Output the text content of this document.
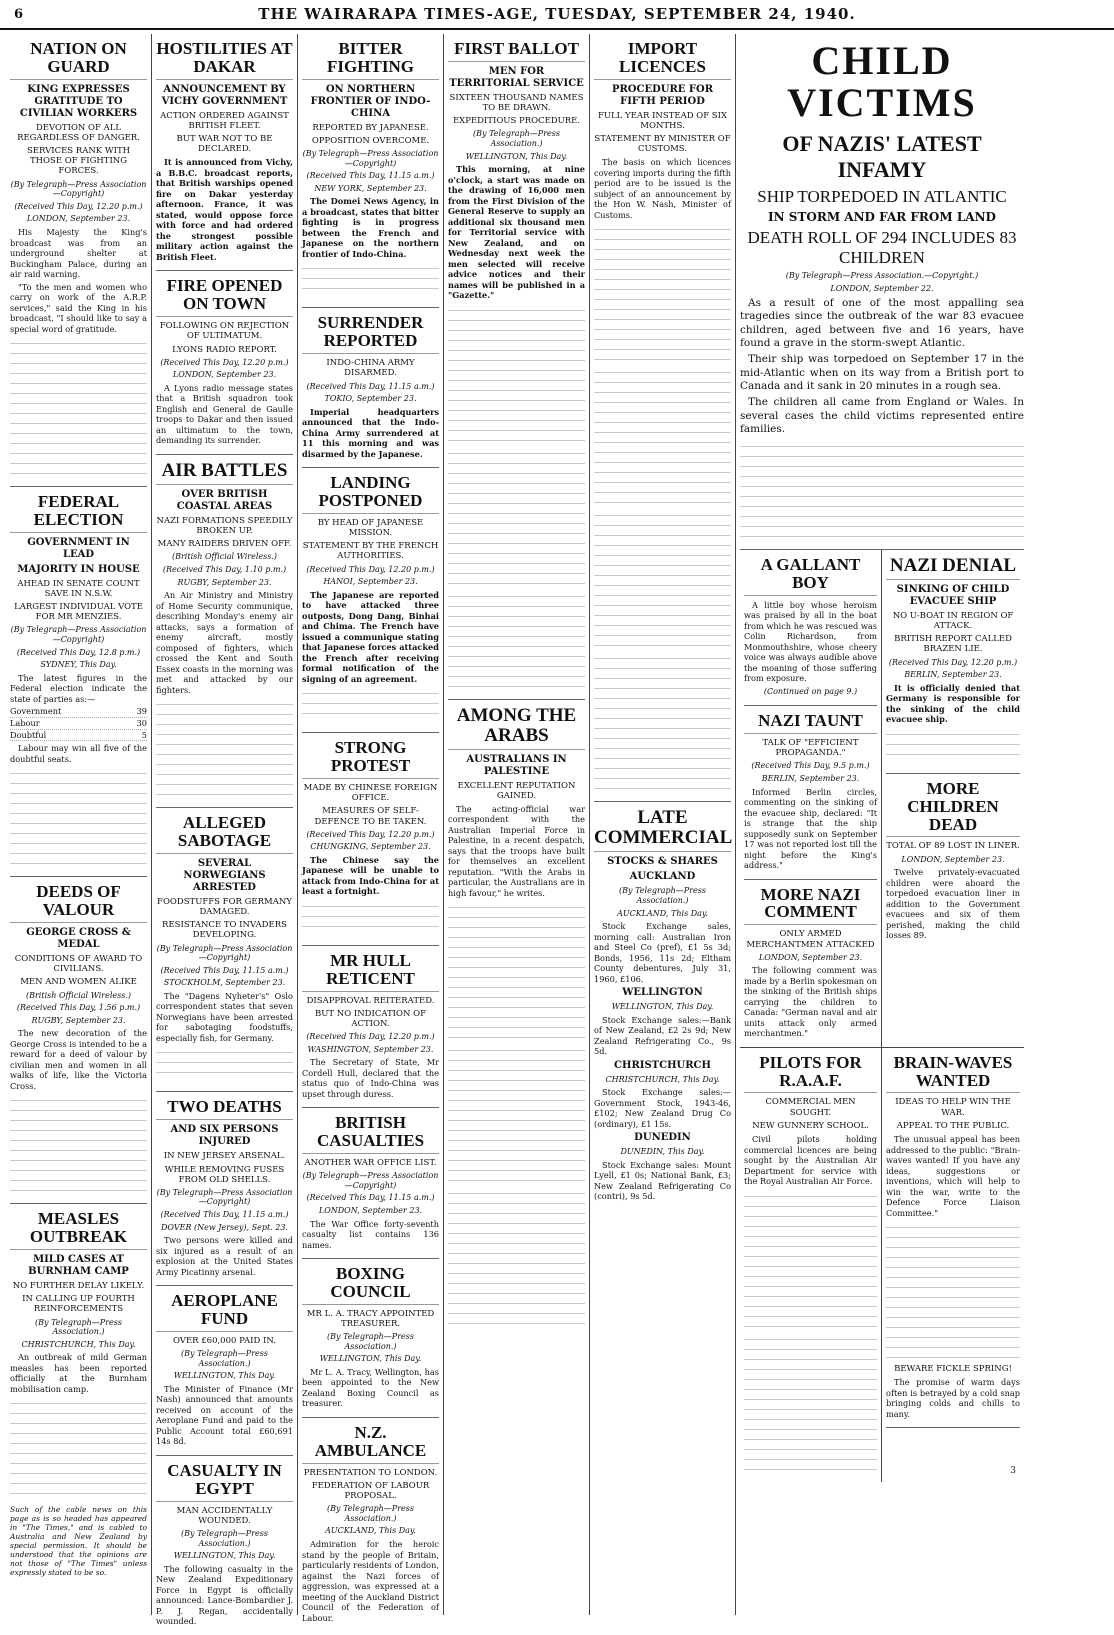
6	THE WAIRARAPA TIMES-AGE, TUESDAY, SEPTEMBER 24, 1940.
NATION ON GUARD
KING EXPRESSES GRATITUDE TO CIVILIAN WORKERS
DEVOTION OF ALL REGARDLESS OF DANGER.
SERVICES RANK WITH THOSE OF FIGHTING FORCES.
(By Telegraph—Press Association—Copyright)
(Received This Day, 12.20 p.m.)
LONDON, September 23.

His Majesty the King's broadcast was from an underground shelter at Buckingham Palace, during an air raid warning.

"To the men and women who carry on work of the A.R.P. services," said the King in his broadcast, "I should like to say a special word of gratitude.

FEDERAL ELECTION
GOVERNMENT IN LEAD
MAJORITY IN HOUSE
AHEAD IN SENATE COUNT SAVE IN N.S.W.
LARGEST INDIVIDUAL VOTE FOR MR MENZIES.
(By Telegraph—Press Association—Copyright)
(Received This Day, 12.8 p.m.)
SYDNEY, This Day.

The latest figures in the Federal election indicate the state of parties as:—

Government	39
Labour	30
Doubtful	5

Labour may win all five of the doubtful seats.

DEEDS OF VALOUR
GEORGE CROSS & MEDAL
CONDITIONS OF AWARD TO CIVILIANS.
MEN AND WOMEN ALIKE
(British Official Wireless.)
(Received This Day, 1.56 p.m.)
RUGBY, September 23.

The new decoration of the George Cross is intended to be a reward for a deed of valour by civilian men and women in all walks of life, like the Victoria Cross.

MEASLES OUTBREAK
MILD CASES AT BURNHAM CAMP
NO FURTHER DELAY LIKELY.
IN CALLING UP FOURTH REINFORCEMENTS
(By Telegraph—Press Association.)
CHRISTCHURCH, This Day.

An outbreak of mild German measles has been reported officially at the Burnham mobilisation camp.

Such of the cable news on this page as is so headed has appeared in "The Times," and is cabled to Australia and New Zealand by special permission. It should be understood that the opinions are not those of "The Times" unless expressly stated to be so.
HOSTILITIES AT DAKAR
ANNOUNCEMENT BY VICHY GOVERNMENT
ACTION ORDERED AGAINST BRITISH FLEET.
BUT WAR NOT TO BE DECLARED.

It is announced from Vichy, a B.B.C. broadcast reports, that British warships opened fire on Dakar yesterday afternoon. France, it was stated, would oppose force with force and had ordered the strongest possible military action against the British Fleet.

FIRE OPENED ON TOWN
FOLLOWING ON REJECTION OF ULTIMATUM.
LYONS RADIO REPORT.
(Received This Day, 12.20 p.m.)
LONDON, September 23.

A Lyons radio message states that a British squadron took English and General de Gaulle troops to Dakar and then issued an ultimatum to the town, demanding its surrender.

AIR BATTLES
OVER BRITISH COASTAL AREAS
NAZI FORMATIONS SPEEDILY BROKEN UP.
MANY RAIDERS DRIVEN OFF.
(British Official Wireless.)
(Received This Day, 1.10 p.m.)
RUGBY, September 23.

An Air Ministry and Ministry of Home Security communique, describing Monday's enemy air attacks, says a formation of enemy aircraft, mostly composed of fighters, which crossed the Kent and South Essex coasts in the morning was met and attacked by our fighters.

ALLEGED SABOTAGE
SEVERAL NORWEGIANS ARRESTED
FOODSTUFFS FOR GERMANY DAMAGED.
RESISTANCE TO INVADERS DEVELOPING.
(By Telegraph—Press Association—Copyright)
(Received This Day, 11.15 a.m.)
STOCKHOLM, September 23.

The "Dagens Nyheter's" Oslo correspondent states that seven Norwegians have been arrested for sabotaging foodstuffs, especially fish, for Germany.

TWO DEATHS
AND SIX PERSONS INJURED
IN NEW JERSEY ARSENAL.
WHILE REMOVING FUSES FROM OLD SHELLS.
(By Telegraph—Press Association—Copyright)
(Received This Day, 11.15 a.m.)
DOVER (New Jersey), Sept. 23.

Two persons were killed and six injured as a result of an explosion at the United States Army Picatinny arsenal.

AEROPLANE FUND
OVER £60,000 PAID IN.
(By Telegraph—Press Association.)
WELLINGTON, This Day.

The Minister of Finance (Mr Nash) announced that amounts received on account of the Aeroplane Fund and paid to the Public Account total £60,691 14s 8d.

CASUALTY IN EGYPT
MAN ACCIDENTALLY WOUNDED.
(By Telegraph—Press Association.)
WELLINGTON, This Day.

The following casualty in the New Zealand Expeditionary Force in Egypt is officially announced: Lance-Bombardier J. P. J. Regan, accidentally wounded.

BITTER FIGHTING
ON NORTHERN FRONTIER OF INDO-CHINA
REPORTED BY JAPANESE.
OPPOSITION OVERCOME.
(By Telegraph—Press Association—Copyright)
(Received This Day, 11.15 a.m.)
NEW YORK, September 23.

The Domei News Agency, in a broadcast, states that bitter fighting is in progress between the French and Japanese on the northern frontier of Indo-China.

SURRENDER REPORTED
INDO-CHINA ARMY DISARMED.
(Received This Day, 11.15 a.m.)
TOKIO, September 23.

Imperial headquarters announced that the Indo-China Army surrendered at 11 this morning and was disarmed by the Japanese.

LANDING POSTPONED
BY HEAD OF JAPANESE MISSION.
STATEMENT BY THE FRENCH AUTHORITIES.
(Received This Day, 12.20 p.m.)
HANOI, September 23.

The Japanese are reported to have attacked three outposts, Dong Dang, Binhai and Chima. The French have issued a communique stating that Japanese forces attacked the French after receiving formal notification of the signing of an agreement.

STRONG PROTEST
MADE BY CHINESE FOREIGN OFFICE.
MEASURES OF SELF-DEFENCE TO BE TAKEN.
(Received This Day, 12.20 p.m.)
CHUNGKING, September 23.

The Chinese say the Japanese will be unable to attack from Indo-China for at least a fortnight.

MR HULL RETICENT
DISAPPROVAL REITERATED.
BUT NO INDICATION OF ACTION.
(Received This Day, 12.20 p.m.)
WASHINGTON, September 23.

The Secretary of State, Mr Cordell Hull, declared that the status quo of Indo-China was upset through duress.

BRITISH CASUALTIES
ANOTHER WAR OFFICE LIST.
(By Telegraph—Press Association—Copyright)
(Received This Day, 11.15 a.m.)
LONDON, September 23.

The War Office forty-seventh casualty list contains 136 names.

BOXING COUNCIL
MR L. A. TRACY APPOINTED TREASURER.
(By Telegraph—Press Association.)
WELLINGTON, This Day.

Mr L. A. Tracy, Wellington, has been appointed to the New Zealand Boxing Council as treasurer.

N.Z. AMBULANCE
PRESENTATION TO LONDON.
FEDERATION OF LABOUR PROPOSAL.
(By Telegraph—Press Association.)
AUCKLAND, This Day.

Admiration for the heroic stand by the people of Britain, particularly residents of London, against the Nazi forces of aggression, was expressed at a meeting of the Auckland District Council of the Federation of Labour.

FIRST BALLOT
MEN FOR TERRITORIAL SERVICE
SIXTEEN THOUSAND NAMES TO BE DRAWN.
EXPEDITIOUS PROCEDURE.
(By Telegraph—Press Association.)
WELLINGTON, This Day.

This morning, at nine o'clock, a start was made on the drawing of 16,000 men from the First Division of the General Reserve to supply an additional six thousand men for Territorial service with New Zealand, and on Wednesday next week the men selected will receive advice notices and their names will be published in a "Gazette."

AMONG THE ARABS
AUSTRALIANS IN PALESTINE
EXCELLENT REPUTATION GAINED.

The acting-official war correspondent with the Australian Imperial Force in Palestine, in a recent despatch, says that the troops have built for themselves an excellent reputation. "With the Arabs in particular, the Australians are in high favour," he writes.

IMPORT LICENCES
PROCEDURE FOR FIFTH PERIOD
FULL YEAR INSTEAD OF SIX MONTHS.
STATEMENT BY MINISTER OF CUSTOMS.

The basis on which licences covering imports during the fifth period are to be issued is the subject of an announcement by the Hon W. Nash, Minister of Customs.

LATE COMMERCIAL
STOCKS & SHARES
AUCKLAND
(By Telegraph—Press Association.)
AUCKLAND, This Day.

Stock Exchange sales, morning call: Australian Iron and Steel Co (pref), £1 5s 3d; Bonds, 1956, 11s 2d; Eltham County debentures, July 31, 1960, £106.

WELLINGTON
WELLINGTON, This Day.

Stock Exchange sales:—Bank of New Zealand, £2 2s 9d; New Zealand Refrigerating Co., 9s 5d.

CHRISTCHURCH
CHRISTCHURCH, This Day.

Stock Exchange sales:—Government Stock, 1943-46, £102; New Zealand Drug Co (ordinary), £1 15s.

DUNEDIN
DUNEDIN, This Day.

Stock Exchange sales: Mount Lyell, £1 0s; National Bank, £3; New Zealand Refrigerating Co (contri), 9s 5d.

CHILD VICTIMS
OF NAZIS' LATEST INFAMY
SHIP TORPEDOED IN ATLANTIC
IN STORM AND FAR FROM LAND
DEATH ROLL OF 294 INCLUDES 83 CHILDREN
(By Telegraph—Press Association.—Copyright.)
LONDON, September 22.

As a result of one of the most appalling sea tragedies since the outbreak of the war 83 evacuee children, aged between five and 16 years, have found a grave in the storm-swept Atlantic.

Their ship was torpedoed on September 17 in the mid-Atlantic when on its way from a British port to Canada and it sank in 20 minutes in a rough sea.

The children all came from England or Wales. In several cases the child victims represented entire families.

A GALLANT BOY

A little boy whose heroism was praised by all in the boat from which he was rescued was Colin Richardson, from Monmouthshire, whose cheery voice was always audible above the moaning of those suffering from exposure.

(Continued on page 9.)
NAZI TAUNT
TALK OF "EFFICIENT PROPAGANDA."
(Received This Day, 9.5 p.m.)
BERLIN, September 23.

Informed Berlin circles, commenting on the sinking of the evacuee ship, declared: "It is strange that the ship supposedly sunk on September 17 was not reported lost till the night before the King's address."

MORE NAZI COMMENT
ONLY ARMED MERCHANTMEN ATTACKED
LONDON, September 23.

The following comment was made by a Berlin spokesman on the sinking of the British ships carrying the children to Canada: "German naval and air units attack only armed merchantmen."

NAZI DENIAL
SINKING OF CHILD EVACUEE SHIP
NO U-BOAT IN REGION OF ATTACK.
BRITISH REPORT CALLED BRAZEN LIE.
(Received This Day, 12.20 p.m.)
BERLIN, September 23.

It is officially denied that Germany is responsible for the sinking of the child evacuee ship.

MORE CHILDREN DEAD
TOTAL OF 89 LOST IN LINER.
LONDON, September 23.

Twelve privately-evacuated children were aboard the torpedoed evacuation liner in addition to the Government evacuees and six of them perished, making the child losses 89.

PILOTS FOR R.A.A.F.
COMMERCIAL MEN SOUGHT.
NEW GUNNERY SCHOOL.

Civil pilots holding commercial licences are being sought by the Australian Air Department for service with the Royal Australian Air Force.

BRAIN-WAVES WANTED
IDEAS TO HELP WIN THE WAR.
APPEAL TO THE PUBLIC.

The unusual appeal has been addressed to the public: "Brain-waves wanted! If you have any ideas, suggestions or inventions, which will help to win the war, write to the Defence Force Liaison Committee."

BEWARE FICKLE SPRING!

The promise of warm days often is betrayed by a cold snap bringing colds and chills to many.

3
